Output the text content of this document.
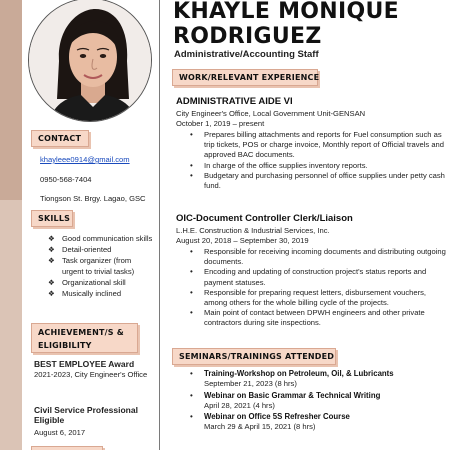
KHAYLE MONIQUE
RODRIGUEZ
Administrative/Accounting Staff
CONTACT
khayleee0914@gmail.com
0950-568-7404
Tiongson St. Brgy. Lagao, GSC
SKILLS
❖ Good communication skills
❖ Detail-oriented
❖ Task organizer (from urgent to trivial tasks)
❖ Organizational skill
❖ Musically inclined
ACHIEVEMENT/S &
ELIGIBILITY
BEST EMPLOYEE Award
2021-2023, City Engineer's Office
Civil Service Professional Eligible
August 6, 2017
WORK/RELEVANT EXPERIENCE
ADMINISTRATIVE AIDE VI
City Engineer's Office, Local Government Unit-GENSAN
October 1, 2019 – present
• Prepares billing attachments and reports for Fuel consumption such as trip tickets, POS or charge invoice, Monthly report of Official travels and approved BAC documents.
• In charge of the office supplies inventory reports.
• Budgetary and purchasing personnel of office supplies under petty cash fund.
OIC-Document Controller Clerk/Liaison
L.H.E. Construction & Industrial Services, Inc.
August 20, 2018 – September 30, 2019
• Responsible for receiving incoming documents and distributing outgoing documents.
• Encoding and updating of construction project's status reports and payment statuses.
• Responsible for preparing request letters, disbursement vouchers, among others for the whole billing cycle of the projects.
• Main point of contact between DPWH engineers and other private contractors during site inspections.
SEMINARS/TRAININGS ATTENDED
• Training-Workshop on Petroleum, Oil, & Lubricants
September 21, 2023 (8 hrs)
• Webinar on Basic Grammar & Technical Writing
April 28, 2021 (4 hrs)
• Webinar on Office 5S Refresher Course
March 29 & April 15, 2021 (8 hrs)
